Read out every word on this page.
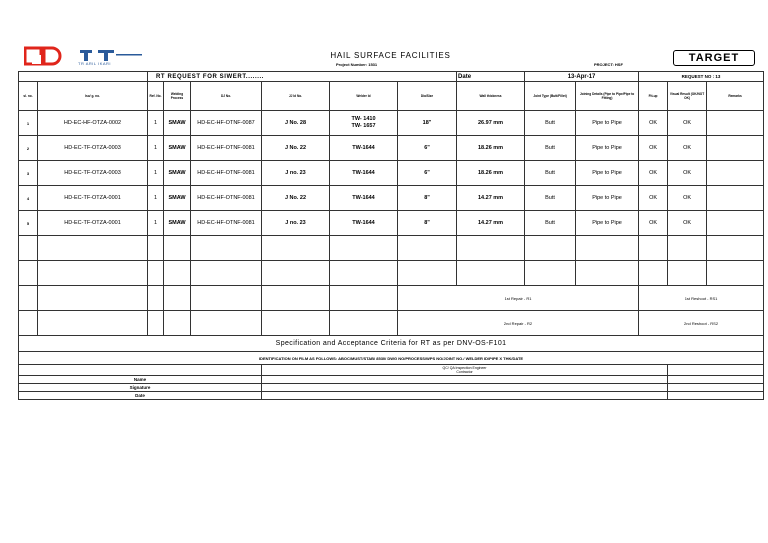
TR ARIL IKARI
HAIL SURFACE FACILITIES
Project Number: 1531	PROJECT: HSF
TARGET
		RT REQUEST FOR SIWERT........						Date	13-Apr-17		REQUEST NO : 13		
sl. no.	Iso/ g. no.	Ref. No.	Welding Process	DJ No.	JJ ld No.	Welder Id	Dia/Size	Wall thickness	Joint Type (Butt/Fillet)	Joining Details (Pipe to Pipe/Pipe to Fitting)	Fit-up	Visual Result (OK/NOT OK)	Remarks
1	HD-EC-HF-OTZA-0002	1	SMAW	HD-EC-HF-OTNF-0087	J No. 28	TW- 1410
TW- 1657	18"	26.97 mm	Butt	Pipe to Pipe	OK	OK	
2	HD-EC-TF-OTZA-0003	1	SMAW	HD-EC-HF-OTNF-0081	J No. 22	TW-1644	6"	18.26 mm	Butt	Pipe to Pipe	OK	OK	
3	HD-EC-TF-OTZA-0003	1	SMAW	HD-EC-HF-OTNF-0081	J no. 23	TW-1644	6"	18.26 mm	Butt	Pipe to Pipe	OK	OK	
4	HD-EC-TF-OTZA-0001	1	SMAW	HD-EC-HF-OTNF-0081	J No. 22	TW-1644	8"	14.27 mm	Butt	Pipe to Pipe	OK	OK	
5	HD-EC-TF-OTZA-0001	1	SMAW	HD-EC-HF-OTNF-0081	J no. 23	TW-1644	8"	14.27 mm	Butt	Pipe to Pipe	OK	OK	

							1st Repair - R1				1st Reshoot - RS1		
							2nd Repair - R2				2nd Reshoot - RS2		
Specification and Acceptance Criteria for RT as per DNV-OS-F101													
IDENTIFICATION ON FILM AS FOLLOWS: ABOC/MUST/STAB/ 8530/ DWG NO/PROCESS/WPS NO/JOINT NO./ WELDER ID/PIPE X THK/DATE													
					QC/ QA Inspection Engineer
Contractor								
Name													
Signature													
Date													
